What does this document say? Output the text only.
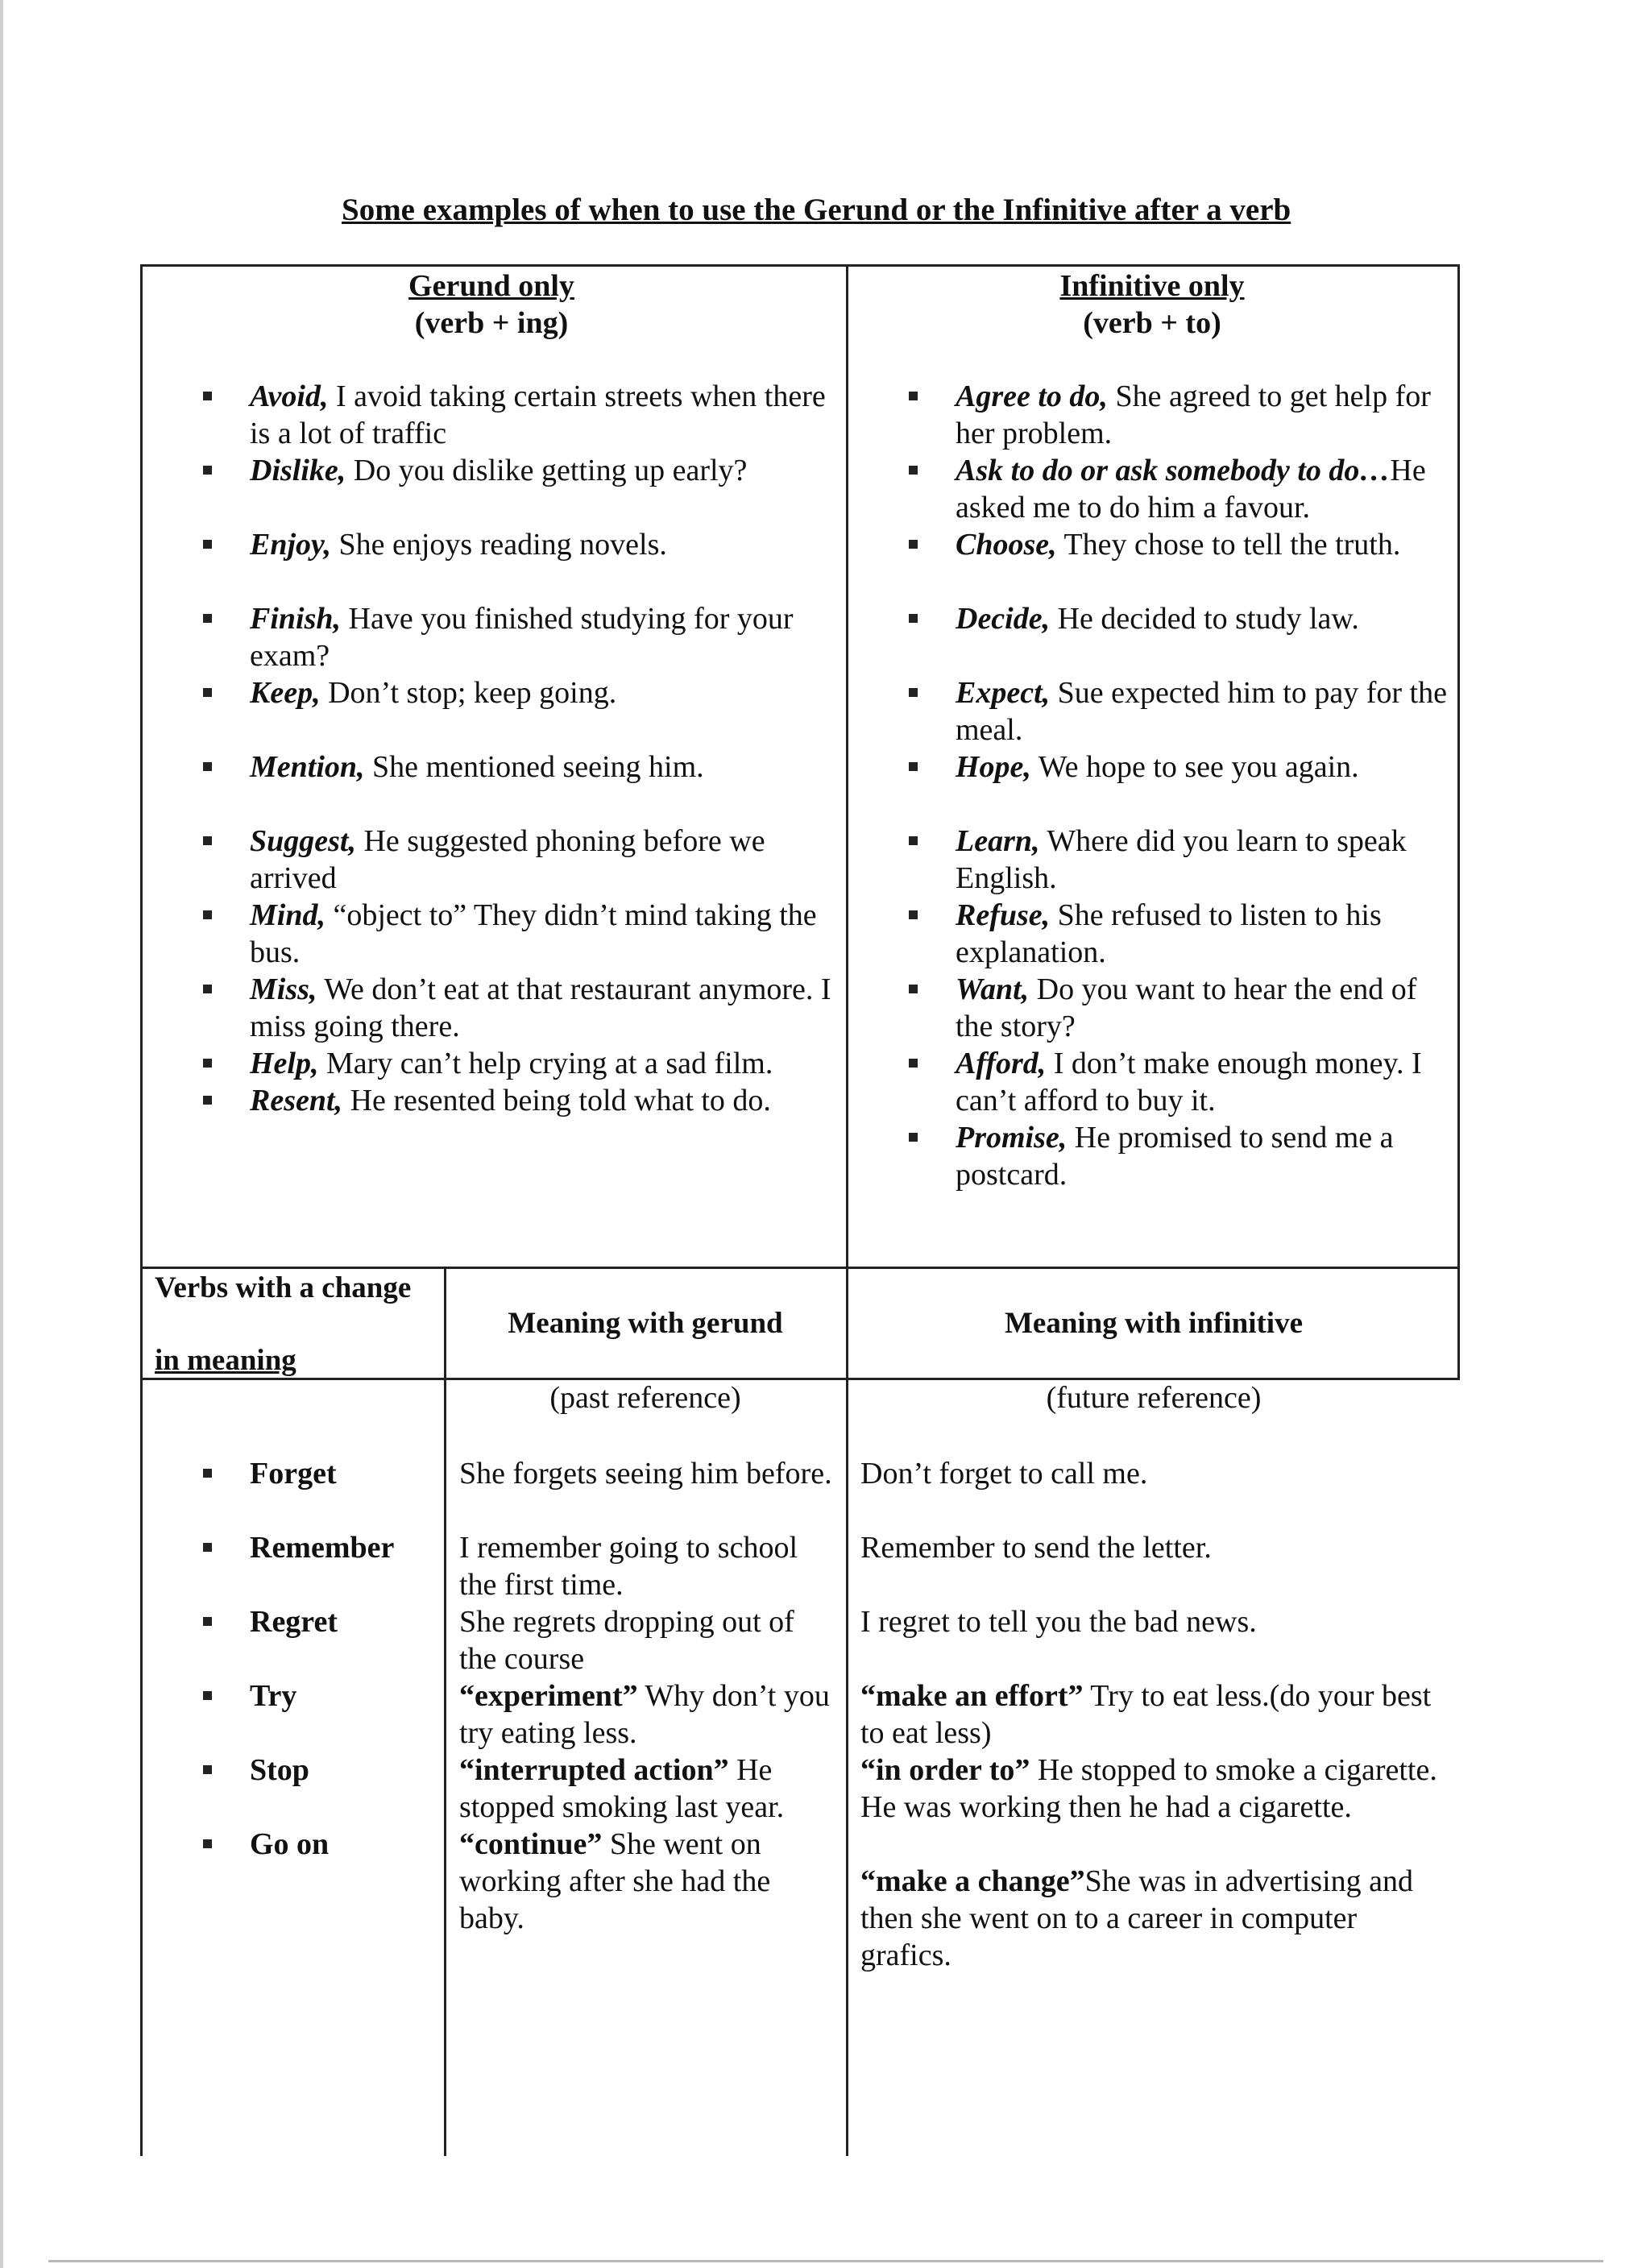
Some examples of when to use the Gerund or the Infinitive after a verb
Gerund only
(verb + ing)
Infinitive only
(verb + to)
Avoid, I avoid taking certain streets when there is a lot of traffic
Dislike, Do you dislike getting up early?
Enjoy, She enjoys reading novels.
Finish, Have you finished studying for your exam?
Keep, Don’t stop; keep going.
Mention, She mentioned seeing him.
Suggest, He suggested phoning before we arrived
Mind, “object to” They didn’t mind taking the bus.
Miss, We don’t eat at that restaurant anymore. I miss going there.
Help, Mary can’t help crying at a sad film.
Resent, He resented being told what to do.
Agree to do, She agreed to get help for her problem.
Ask to do or ask somebody to do…He asked me to do him a favour.
Choose, They chose to tell the truth.
Decide, He decided to study law.
Expect, Sue expected him to pay for the meal.
Hope, We hope to see you again.
Learn, Where did you learn to speak English.
Refuse, She refused to listen to his explanation.
Want, Do you want to hear the end of the story?
Afford, I don’t make enough money. I can’t afford to buy it.
Promise, He promised to send me a postcard.
Verbs with a change
in meaning
Meaning with gerund	Meaning with infinitive
(past reference)	(future reference)
Forget
Remember
Regret
Try
Stop
Go on
She forgets seeing him before.
I remember going to school the first time.
She regrets dropping out of the course
“experiment” Why don’t you try eating less.
“interrupted action” He stopped smoking last year.
“continue” She went on working after she had the baby.
Don’t forget to call me.
Remember to send the letter.
I regret to tell you the bad news.
“make an effort” Try to eat less.(do your best to eat less)
“in order to” He stopped to smoke a cigarette. He was working then he had a cigarette.
“make a change”She was in advertising and then she went on to a career in computer grafics.
